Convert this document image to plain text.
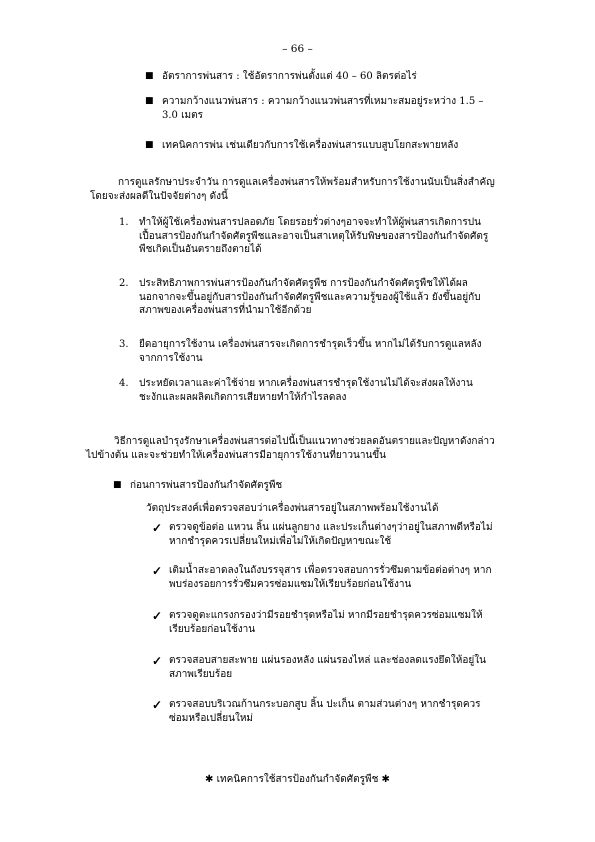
– 66 –
■ อัตราการพ่นสาร : ใช้อัตราการพ่นตั้งแต่ 40 – 60 ลิตรต่อไร่
■ ความกว้างแนวพ่นสาร : ความกว้างแนวพ่นสารที่เหมาะสมอยู่ระหว่าง 1.5 – 3.0 เมตร
■ เทคนิคการพ่น เช่นเดียวกับการใช้เครื่องพ่นสารแบบสูบโยกสะพายหลัง
การดูแลรักษาประจำวัน การดูแลเครื่องพ่นสารให้พร้อมสำหรับการใช้งานนับเป็นสิ่งสำคัญ โดยจะส่งผลดีในปัจจัยต่างๆ ดังนี้
1. ทำให้ผู้ใช้เครื่องพ่นสารปลอดภัย โดยรอยรั่วต่างๆอาจจะทำให้ผู้พ่นสารเกิดการปนเปื้อนสารป้องกันกำจัดศัตรูพืชและอาจเป็นสาเหตุให้รับพิษของสารป้องกันกำจัดศัตรูพืชเกิดเป็นอันตรายถึงตายได้
2. ประสิทธิภาพการพ่นสารป้องกันกำจัดศัตรูพืช การป้องกันกำจัดศัตรูพืชให้ได้ผลนอกจากจะขึ้นอยู่กับสารป้องกันกำจัดศัตรูพืชและความรู้ของผู้ใช้แล้ว ยังขึ้นอยู่กับสภาพของเครื่องพ่นสารที่นำมาใช้อีกด้วย
3. ยืดอายุการใช้งาน เครื่องพ่นสารจะเกิดการชำรุดเร็วขึ้น หากไม่ได้รับการดูแลหลังจากการใช้งาน
4. ประหยัดเวลาและค่าใช้จ่าย หากเครื่องพ่นสารชำรุดใช้งานไม่ได้จะส่งผลให้งานชะงักและผลผลิตเกิดการเสียหายทำให้กำไรลดลง
วิธีการดูแลบำรุงรักษาเครื่องพ่นสารต่อไปนี้เป็นแนวทางช่วยลดอันตรายและปัญหาดังกล่าวไปข้างต้น และจะช่วยทำให้เครื่องพ่นสารมีอายุการใช้งานที่ยาวนานขึ้น
■ ก่อนการพ่นสารป้องกันกำจัดศัตรูพืช
วัตถุประสงค์เพื่อตรวจสอบว่าเครื่องพ่นสารอยู่ในสภาพพร้อมใช้งานได้
✓ ตรวจดูข้อต่อ แหวน ลิ้น แผ่นลูกยาง และประเก็นต่างๆว่าอยู่ในสภาพดีหรือไม่ หากชำรุดควรเปลี่ยนใหม่เพื่อไม่ให้เกิดปัญหาขณะใช้
✓ เติมน้ำสะอาดลงในถังบรรจุสาร เพื่อตรวจสอบการรั่วซึมตามข้อต่อต่างๆ หากพบร่องรอยการรั่วซึมควรซ่อมแซมให้เรียบร้อยก่อนใช้งาน
✓ ตรวจดูตะแกรงกรองว่ามีรอยชำรุดหรือไม่ หากมีรอยชำรุดควรซ่อมแซมให้เรียบร้อยก่อนใช้งาน
✓ ตรวจสอบสายสะพาย แผ่นรองหลัง แผ่นรองไหล่ และช่องลดแรงยึดให้อยู่ในสภาพเรียบร้อย
✓ ตรวจสอบบริเวณก้านกระบอกสูบ ลิ้น ปะเก็น ตามส่วนต่างๆ หากชำรุดควรซ่อมหรือเปลี่ยนใหม่
✱ เทคนิคการใช้สารป้องกันกำจัดศัตรูพืช ✱
